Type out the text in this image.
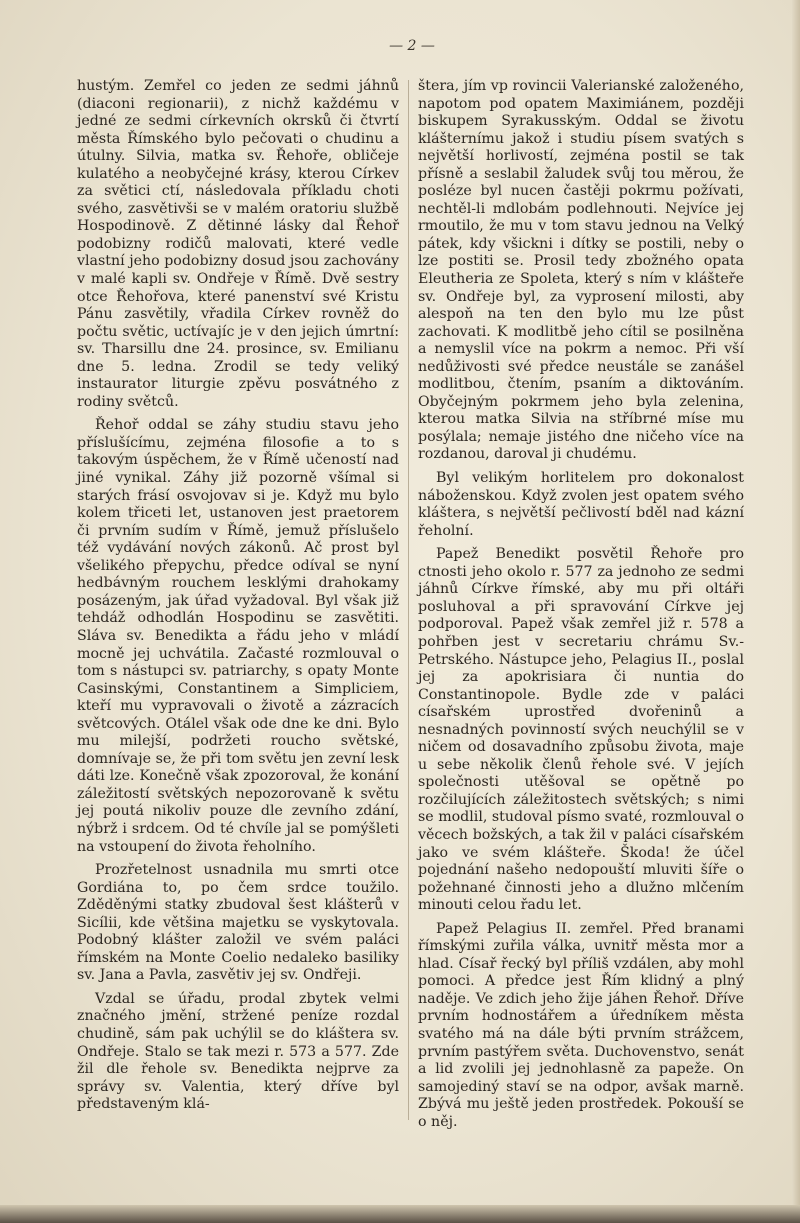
— 2 —

hustým. Zemřel co jeden ze sedmi jáhnů (diaconi regionarii), z nichž každému v jedné ze sedmi církevních okrsků či čtvrtí města Římského bylo pečovati o chudinu a útulny. Silvia, matka sv. Řehoře, obličeje kulatého a neobyčejné krásy, kterou Církev za světici ctí, následovala příkladu choti svého, zasvětivši se v malém oratoriu službě Hospodinově. Z dětinné lásky dal Řehoř podobizny rodičů malovati, které vedle vlastní jeho podobizny dosud jsou zachovány v malé kapli sv. Ondřeje v Římě. Dvě sestry otce Řehořova, které panenství své Kristu Pánu zasvětily, vřadila Církev rovněž do počtu světic, uctívajíc je v den jejich úmrtní: sv. Tharsillu dne 24. prosince, sv. Emilianu dne 5. ledna. Zrodil se tedy veliký instaurator liturgie zpěvu posvátného z rodiny světců.

Řehoř oddal se záhy studiu stavu jeho příslušícímu, zejména filosofie a to s takovým úspěchem, že v Římě učeností nad jiné vynikal. Záhy již pozorně všímal si starých frásí osvojovav si je. Když mu bylo kolem třiceti let, ustanoven jest praetorem či prvním sudím v Římě, jemuž příslušelo též vydávání nových zákonů. Ač prost byl všelikého přepychu, předce odíval se nyní hedbávným rouchem lesklými drahokamy posázeným, jak úřad vyžadoval. Byl však již tehdáž odhodlán Hospodinu se zasvětiti. Sláva sv. Benedikta a řádu jeho v mládí mocně jej uchvátila. Začasté rozmlouval o tom s nástupci sv. patriarchy, s opaty Monte Casinskými, Constantinem a Simpliciem, kteří mu vypravovali o životě a zázracích světcových. Otálel však ode dne ke dni. Bylo mu milejší, podržeti roucho světské, domnívaje se, že při tom světu jen zevní lesk dáti lze. Konečně však zpozoroval, že konání záležitostí světských nepozorovaně k světu jej poutá nikoliv pouze dle zevního zdání, nýbrž i srdcem. Od té chvíle jal se pomýšleti na vstoupení do života řeholního.

Prozřetelnost usnadnila mu smrti otce Gordiána to, po čem srdce toužilo. Zděděnými statky zbudoval šest klášterů v Sicílii, kde většina majetku se vyskytovala. Podobný klášter založil ve svém paláci římském na Monte Coelio nedaleko basiliky sv. Jana a Pavla, zasvětiv jej sv. Ondřeji.

Vzdal se úřadu, prodal zbytek velmi značného jmění, stržené peníze rozdal chudině, sám pak uchýlil se do kláštera sv. Ondřeje. Stalo se tak mezi r. 573 a 577. Zde žil dle řehole sv. Benedikta nejprve za správy sv. Valentia, který dříve byl představeným klá-

štera, jím vp rovincii Valerianské založeného, napotom pod opatem Maximiánem, později biskupem Syrakusským. Oddal se životu klášternímu jakož i studiu písem svatých s největší horlivostí, zejména postil se tak přísně a seslabil žaludek svůj tou měrou, že posléze byl nucen častěji pokrmu požívati, nechtěl-li mdlobám podlehnouti. Nejvíce jej rmoutilo, že mu v tom stavu jednou na Velký pátek, kdy všickni i dítky se postili, neby o lze postiti se. Prosil tedy zbožného opata Eleutheria ze Spoleta, který s ním v klášteře sv. Ondřeje byl, za vyprosení milosti, aby alespoň na ten den bylo mu lze půst zachovati. K modlitbě jeho cítil se posilněna a nemyslil více na pokrm a nemoc. Při vší nedůživosti své předce neustále se zanášel modlitbou, čtením, psaním a diktováním. Obyčejným pokrmem jeho byla zelenina, kterou matka Silvia na stříbrné míse mu posýlala; nemaje jistého dne ničeho více na rozdanou, daroval ji chudému.

Byl velikým horlitelem pro dokonalost náboženskou. Když zvolen jest opatem svého kláštera, s největší pečlivostí bděl nad kázní řeholní.

Papež Benedikt posvětil Řehoře pro ctnosti jeho okolo r. 577 za jednoho ze sedmi jáhnů Církve římské, aby mu při oltáři posluhoval a při spravování Církve jej podporoval. Papež však zemřel již r. 578 a pohřben jest v secretariu chrámu Sv.-Petrského. Nástupce jeho, Pelagius II., poslal jej za apokrisiara či nuntia do Constantinopole. Bydle zde v paláci císařském uprostřed dvořeninů a nesnadných povinností svých neuchýlil se v ničem od dosavadního způsobu života, maje u sebe několik členů řehole své. V jejích společnosti utěšoval se opětně po rozčilujících záležitostech světských; s nimi se modlil, studoval písmo svaté, rozmlouval o věcech božských, a tak žil v paláci císařském jako ve svém klášteře. Škoda! že účel pojednání našeho nedopouští mluviti šíře o požehnané činnosti jeho a dlužno mlčením minouti celou řadu let.

Papež Pelagius II. zemřel. Před branami římskými zuřila válka, uvnitř města mor a hlad. Císař řecký byl příliš vzdálen, aby mohl pomoci. A předce jest Řím klidný a plný naděje. Ve zdich jeho žije jáhen Řehoř. Dříve prvním hodnostářem a úředníkem města svatého má na dále býti prvním strážcem, prvním pastýřem světa. Duchovenstvo, senát a lid zvolili jej jednohlasně za papeže. On samojediný staví se na odpor, avšak marně. Zbývá mu ještě jeden prostředek. Pokouší se o něj.
